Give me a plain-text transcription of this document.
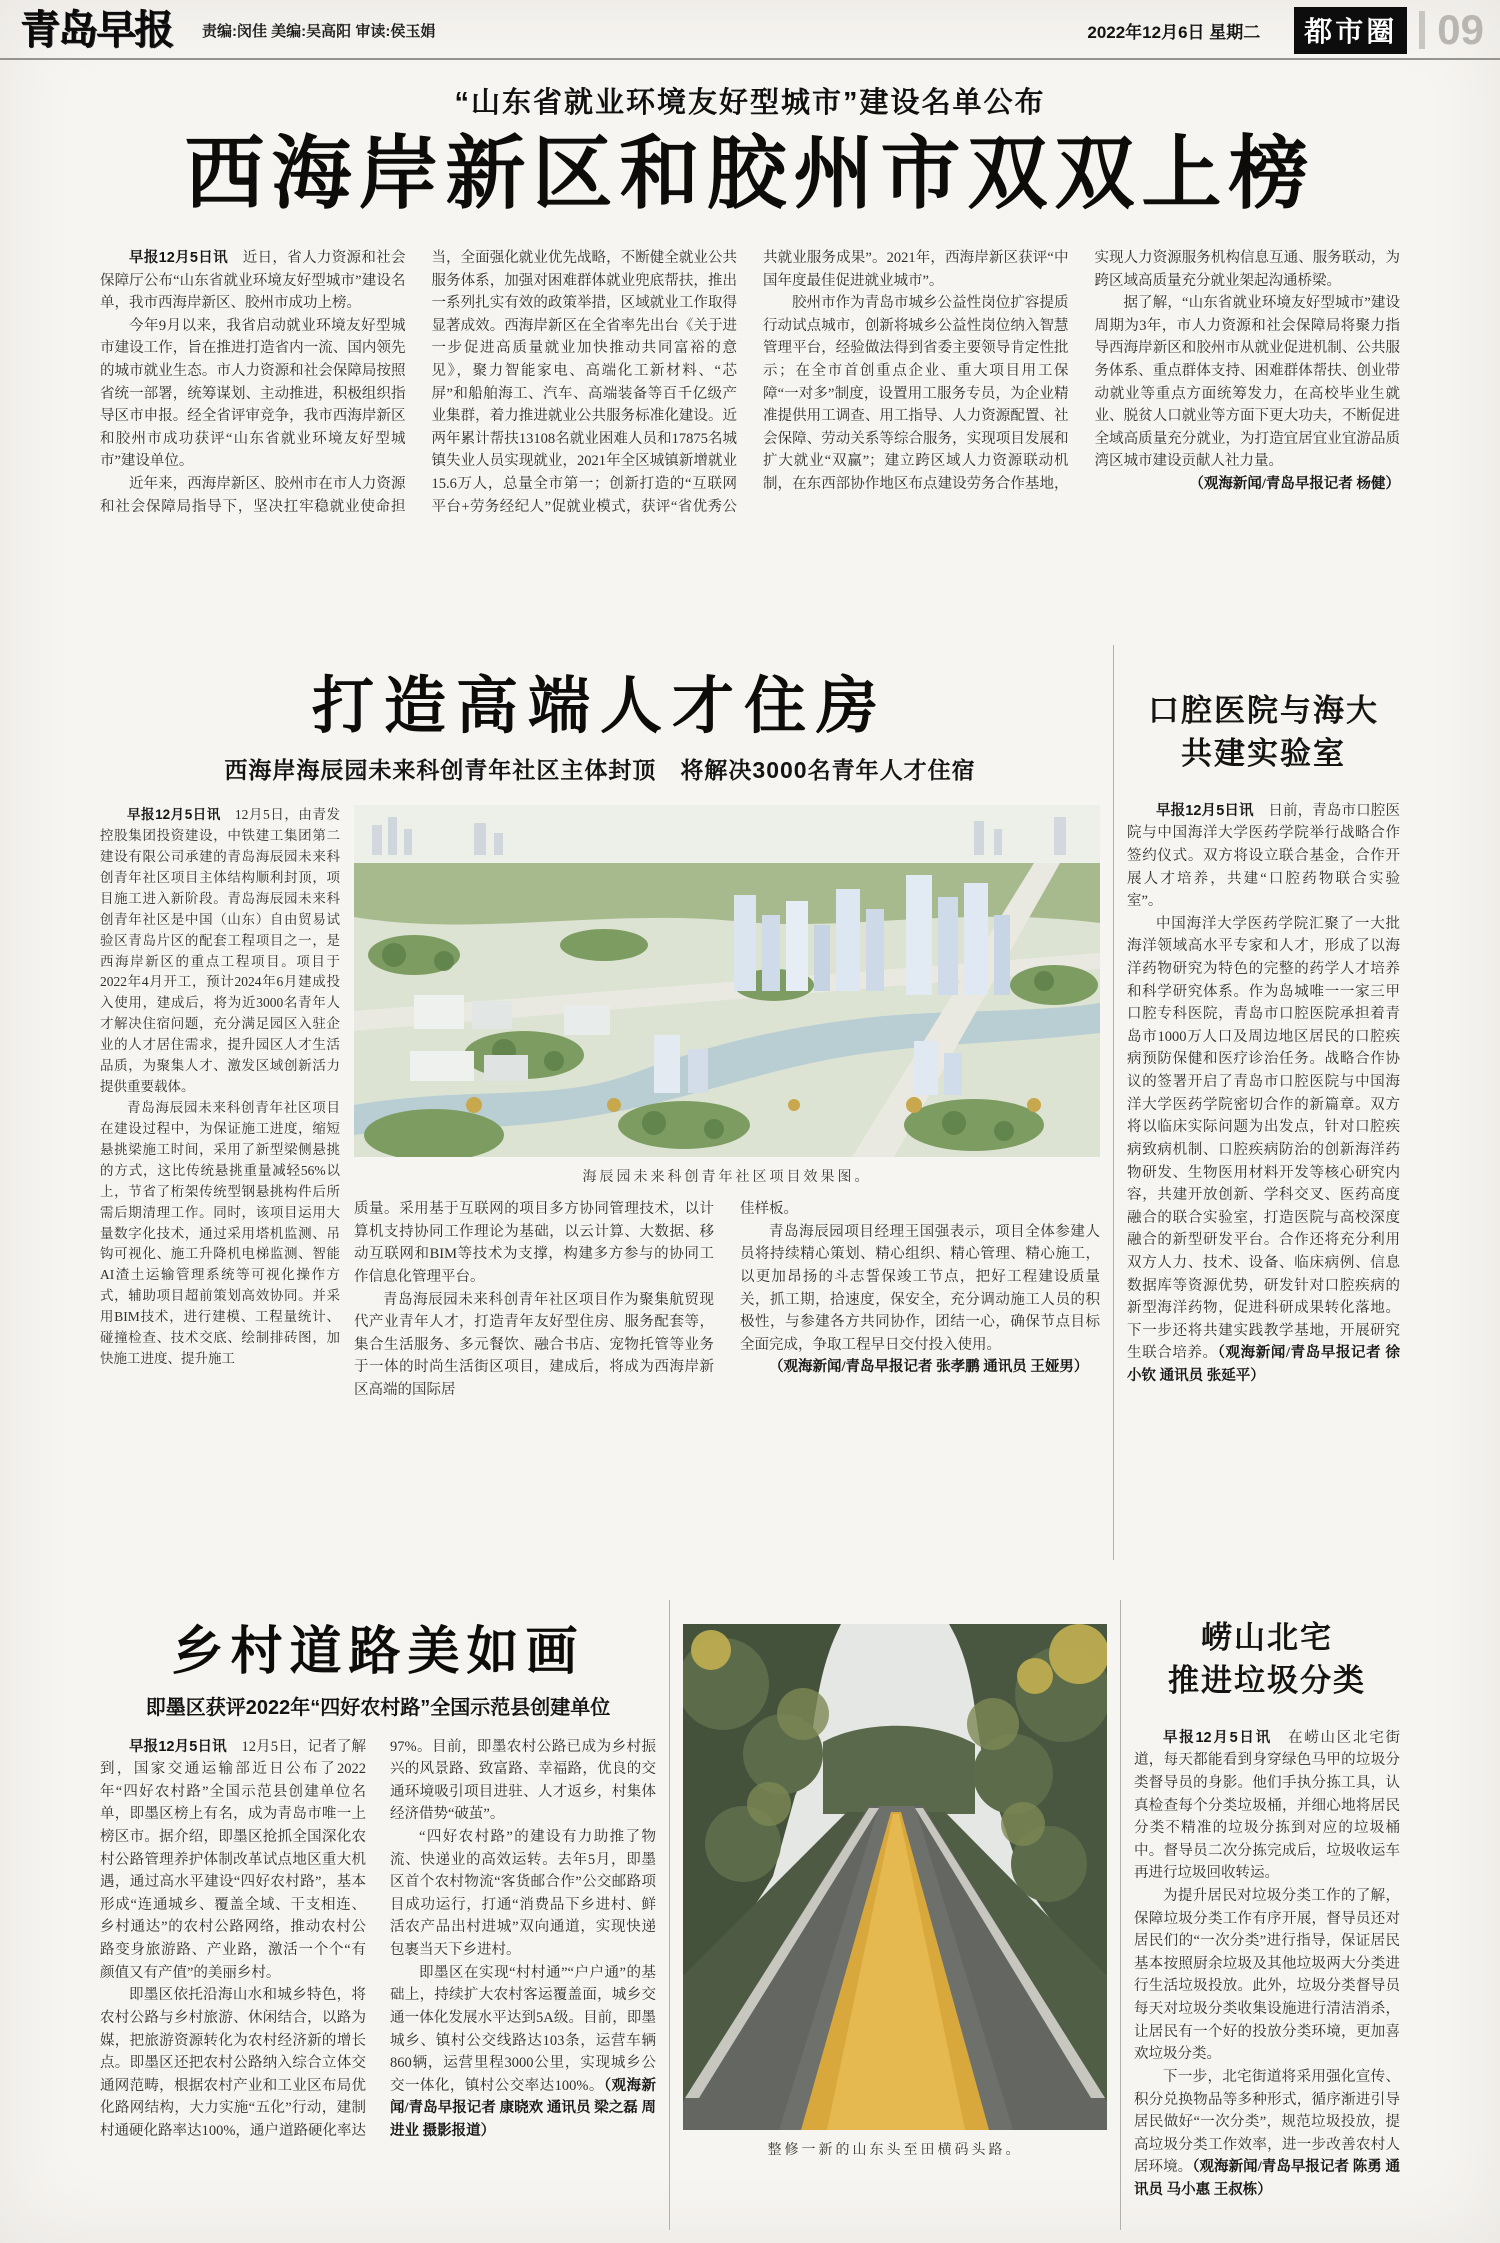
青岛早报 责编:闵佳 美编:吴高阳 审读:侯玉娟	2022年12月6日 星期二	都市圈 09
“山东省就业环境友好型城市”建设名单公布
西海岸新区和胶州市双双上榜

早报12月5日讯　近日，省人力资源和社会保障厅公布“山东省就业环境友好型城市”建设名单，我市西海岸新区、胶州市成功上榜。

今年9月以来，我省启动就业环境友好型城市建设工作，旨在推进打造省内一流、国内领先的城市就业生态。市人力资源和社会保障局按照省统一部署，统筹谋划、主动推进，积极组织指导区市申报。经全省评审竞争，我市西海岸新区和胶州市成功获评“山东省就业环境友好型城市”建设单位。

近年来，西海岸新区、胶州市在市人力资源和社会保障局指导下，坚决扛牢稳就业使命担当，全面强化就业优先战略，不断健全就业公共服务体系，加强对困难群体就业兜底帮扶，推出一系列扎实有效的政策举措，区域就业工作取得显著成效。西海岸新区在全省率先出台《关于进一步促进高质量就业加快推动共同富裕的意见》，聚力智能家电、高端化工新材料、“芯屏”和船舶海工、汽车、高端装备等百千亿级产业集群，着力推进就业公共服务标准化建设。近两年累计帮扶13108名就业困难人员和17875名城镇失业人员实现就业，2021年全区城镇新增就业15.6万人，总量全市第一；创新打造的“互联网平台+劳务经纪人”促就业模式，获评“省优秀公共就业服务成果”。2021年，西海岸新区获评“中国年度最佳促进就业城市”。

胶州市作为青岛市城乡公益性岗位扩容提质行动试点城市，创新将城乡公益性岗位纳入智慧管理平台，经验做法得到省委主要领导肯定性批示；在全市首创重点企业、重大项目用工保障“一对多”制度，设置用工服务专员，为企业精准提供用工调查、用工指导、人力资源配置、社会保障、劳动关系等综合服务，实现项目发展和扩大就业“双赢”；建立跨区域人力资源联动机制，在东西部协作地区布点建设劳务合作基地，实现人力资源服务机构信息互通、服务联动，为跨区域高质量充分就业架起沟通桥梁。

据了解，“山东省就业环境友好型城市”建设周期为3年，市人力资源和社会保障局将聚力指导西海岸新区和胶州市从就业促进机制、公共服务体系、重点群体支持、困难群体帮扶、创业带动就业等重点方面统筹发力，在高校毕业生就业、脱贫人口就业等方面下更大功夫，不断促进全域高质量充分就业，为打造宜居宜业宜游品质湾区城市建设贡献人社力量。

（观海新闻/青岛早报记者 杨健）

打造高端人才住房
西海岸海辰园未来科创青年社区主体封顶　将解决3000名青年人才住宿

早报12月5日讯　12月5日，由青发控股集团投资建设，中铁建工集团第二建设有限公司承建的青岛海辰园未来科创青年社区项目主体结构顺利封顶，项目施工进入新阶段。青岛海辰园未来科创青年社区是中国（山东）自由贸易试验区青岛片区的配套工程项目之一，是西海岸新区的重点工程项目。项目于2022年4月开工，预计2024年6月建成投入使用，建成后，将为近3000名青年人才解决住宿问题，充分满足园区入驻企业的人才居住需求，提升园区人才生活品质，为聚集人才、激发区域创新活力提供重要载体。

青岛海辰园未来科创青年社区项目在建设过程中，为保证施工进度，缩短悬挑梁施工时间，采用了新型梁侧悬挑的方式，这比传统悬挑重量减轻56%以上，节省了桁架传统型钢悬挑构件后所需后期清理工作。同时，该项目运用大量数字化技术，通过采用塔机监测、吊钩可视化、施工升降机电梯监测、智能AI渣土运输管理系统等可视化操作方式，辅助项目超前策划高效协同。并采用BIM技术，进行建模、工程量统计、碰撞检查、技术交底、绘制排砖图，加快施工进度、提升施工

海辰园未来科创青年社区项目效果图。

质量。采用基于互联网的项目多方协同管理技术，以计算机支持协同工作理论为基础，以云计算、大数据、移动互联网和BIM等技术为支撑，构建多方参与的协同工作信息化管理平台。

青岛海辰园未来科创青年社区项目作为聚集航贸现代产业青年人才，打造青年友好型住房、服务配套等，集合生活服务、多元餐饮、融合书店、宠物托管等业务于一体的时尚生活街区项目，建成后，将成为西海岸新区高端的国际居

佳样板。

青岛海辰园项目经理王国强表示，项目全体参建人员将持续精心策划、精心组织、精心管理、精心施工，以更加昂扬的斗志誓保竣工节点，把好工程建设质量关，抓工期，拾速度，保安全，充分调动施工人员的积极性，与参建各方共同协作，团结一心，确保节点目标全面完成，争取工程早日交付投入使用。

（观海新闻/青岛早报记者 张孝鹏 通讯员 王娅男）

口腔医院与海大
共建实验室

早报12月5日讯　日前，青岛市口腔医院与中国海洋大学医药学院举行战略合作签约仪式。双方将设立联合基金，合作开展人才培养，共建“口腔药物联合实验室”。

中国海洋大学医药学院汇聚了一大批海洋领域高水平专家和人才，形成了以海洋药物研究为特色的完整的药学人才培养和科学研究体系。作为岛城唯一一家三甲口腔专科医院，青岛市口腔医院承担着青岛市1000万人口及周边地区居民的口腔疾病预防保健和医疗诊治任务。战略合作协议的签署开启了青岛市口腔医院与中国海洋大学医药学院密切合作的新篇章。双方将以临床实际问题为出发点，针对口腔疾病致病机制、口腔疾病防治的创新海洋药物研发、生物医用材料开发等核心研究内容，共建开放创新、学科交叉、医药高度融合的联合实验室，打造医院与高校深度融合的新型研发平台。合作还将充分利用双方人力、技术、设备、临床病例、信息数据库等资源优势，研发针对口腔疾病的新型海洋药物，促进科研成果转化落地。下一步还将共建实践教学基地，开展研究生联合培养。（观海新闻/青岛早报记者 徐小钦 通讯员 张延平）

乡村道路美如画
即墨区获评2022年“四好农村路”全国示范县创建单位

早报12月5日讯　12月5日，记者了解到，国家交通运输部近日公布了2022年“四好农村路”全国示范县创建单位名单，即墨区榜上有名，成为青岛市唯一上榜区市。据介绍，即墨区抢抓全国深化农村公路管理养护体制改革试点地区重大机遇，通过高水平建设“四好农村路”，基本形成“连通城乡、覆盖全域、干支相连、乡村通达”的农村公路网络，推动农村公路变身旅游路、产业路，激活一个个“有颜值又有产值”的美丽乡村。

即墨区依托沿海山水和城乡特色，将农村公路与乡村旅游、休闲结合，以路为媒，把旅游资源转化为农村经济新的增长点。即墨区还把农村公路纳入综合立体交通网范畴，根据农村产业和工业区布局优化路网结构，大力实施“五化”行动，建制村通硬化路率达100%，通户道路硬化率达97%。目前，即墨农村公路已成为乡村振兴的风景路、致富路、幸福路，优良的交通环境吸引项目进驻、人才返乡，村集体经济借势“破茧”。

“四好农村路”的建设有力助推了物流、快递业的高效运转。去年5月，即墨区首个农村物流“客货邮合作”公交邮路项目成功运行，打通“消费品下乡进村、鲜活农产品出村进城”双向通道，实现快递包裹当天下乡进村。

即墨区在实现“村村通”“户户通”的基础上，持续扩大农村客运覆盖面，城乡交通一体化发展水平达到5A级。目前，即墨城乡、镇村公交线路达103条，运营车辆860辆，运营里程3000公里，实现城乡公交一体化，镇村公交率达100%。（观海新闻/青岛早报记者 康晓欢 通讯员 梁之磊 周进业 摄影报道）

整修一新的山东头至田横码头路。
崂山北宅
推进垃圾分类

早报12月5日讯　在崂山区北宅街道，每天都能看到身穿绿色马甲的垃圾分类督导员的身影。他们手执分拣工具，认真检查每个分类垃圾桶，并细心地将居民分类不精准的垃圾分拣到对应的垃圾桶中。督导员二次分拣完成后，垃圾收运车再进行垃圾回收转运。

为提升居民对垃圾分类工作的了解，保障垃圾分类工作有序开展，督导员还对居民们的“一次分类”进行指导，保证居民基本按照厨余垃圾及其他垃圾两大分类进行生活垃圾投放。此外，垃圾分类督导员每天对垃圾分类收集设施进行清洁消杀，让居民有一个好的投放分类环境，更加喜欢垃圾分类。

下一步，北宅街道将采用强化宣传、积分兑换物品等多种形式，循序渐进引导居民做好“一次分类”，规范垃圾投放，提高垃圾分类工作效率，进一步改善农村人居环境。（观海新闻/青岛早报记者 陈勇 通讯员 马小惠 王叔栋）
